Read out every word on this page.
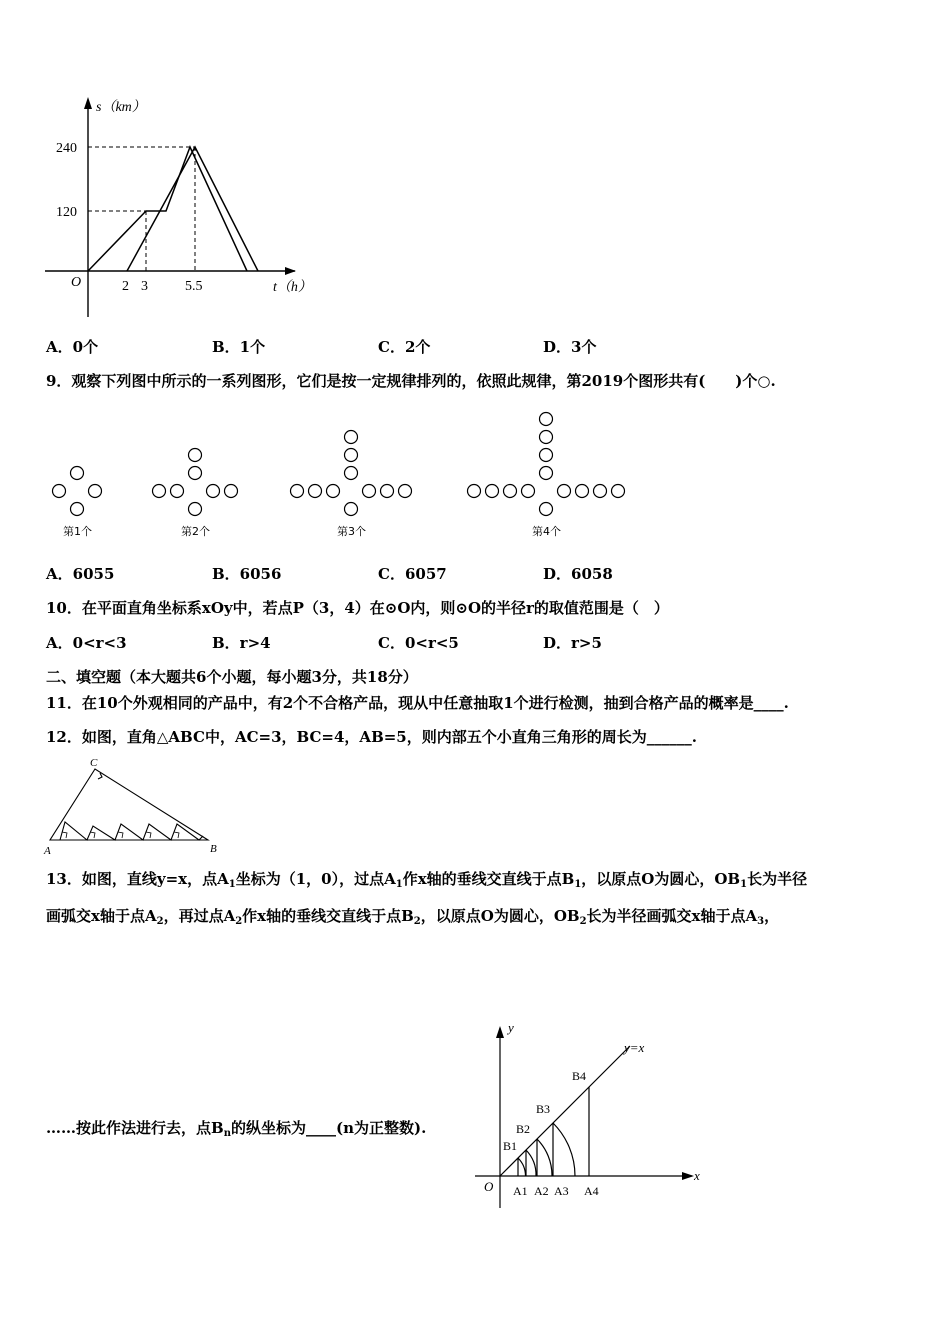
s（km）
t（h）
O
240
120
2 3	5.5
A．0个	B．1个	C．2个	D．3个
9．观察下列图中所示的一系列图形，它们是按一定规律排列的，依照此规律，第2019个图形共有(　　)个○.
第1个	第2个	第3个	第4个
A．6055	B．6056	C．6057	D．6058
10．在平面直角坐标系xOy中，若点P（3，4）在⊙O内，则⊙O的半径r的取值范围是（　）
A．0<r<3	B．r>4	C．0<r<5	D．r>5
二、填空题（本大题共6个小题，每小题3分，共18分）
11．在10个外观相同的产品中，有2个不合格产品，现从中任意抽取1个进行检测，抽到合格产品的概率是____.
12．如图，直角△ABC中，AC=3，BC=4，AB=5，则内部五个小直角三角形的周长为______.
C
A	B
13．如图，直线y=x，点$A_1$坐标为（1，0），过点$A_1$作x轴的垂线交直线于点$B_1$，以原点O为圆心，$OB_1$长为半径
画弧交x轴于点$A_2$，再过点$A_2$作x轴的垂线交直线于点$B_2$，以原点O为圆心，$OB_2$长为半径画弧交x轴于点$A_3$，
……按此作法进行去，点$B_n$的纵坐标为____(n为正整数).
y
x
y=x
O A1 A2 A3 A4
B1
B2
B3
B4
